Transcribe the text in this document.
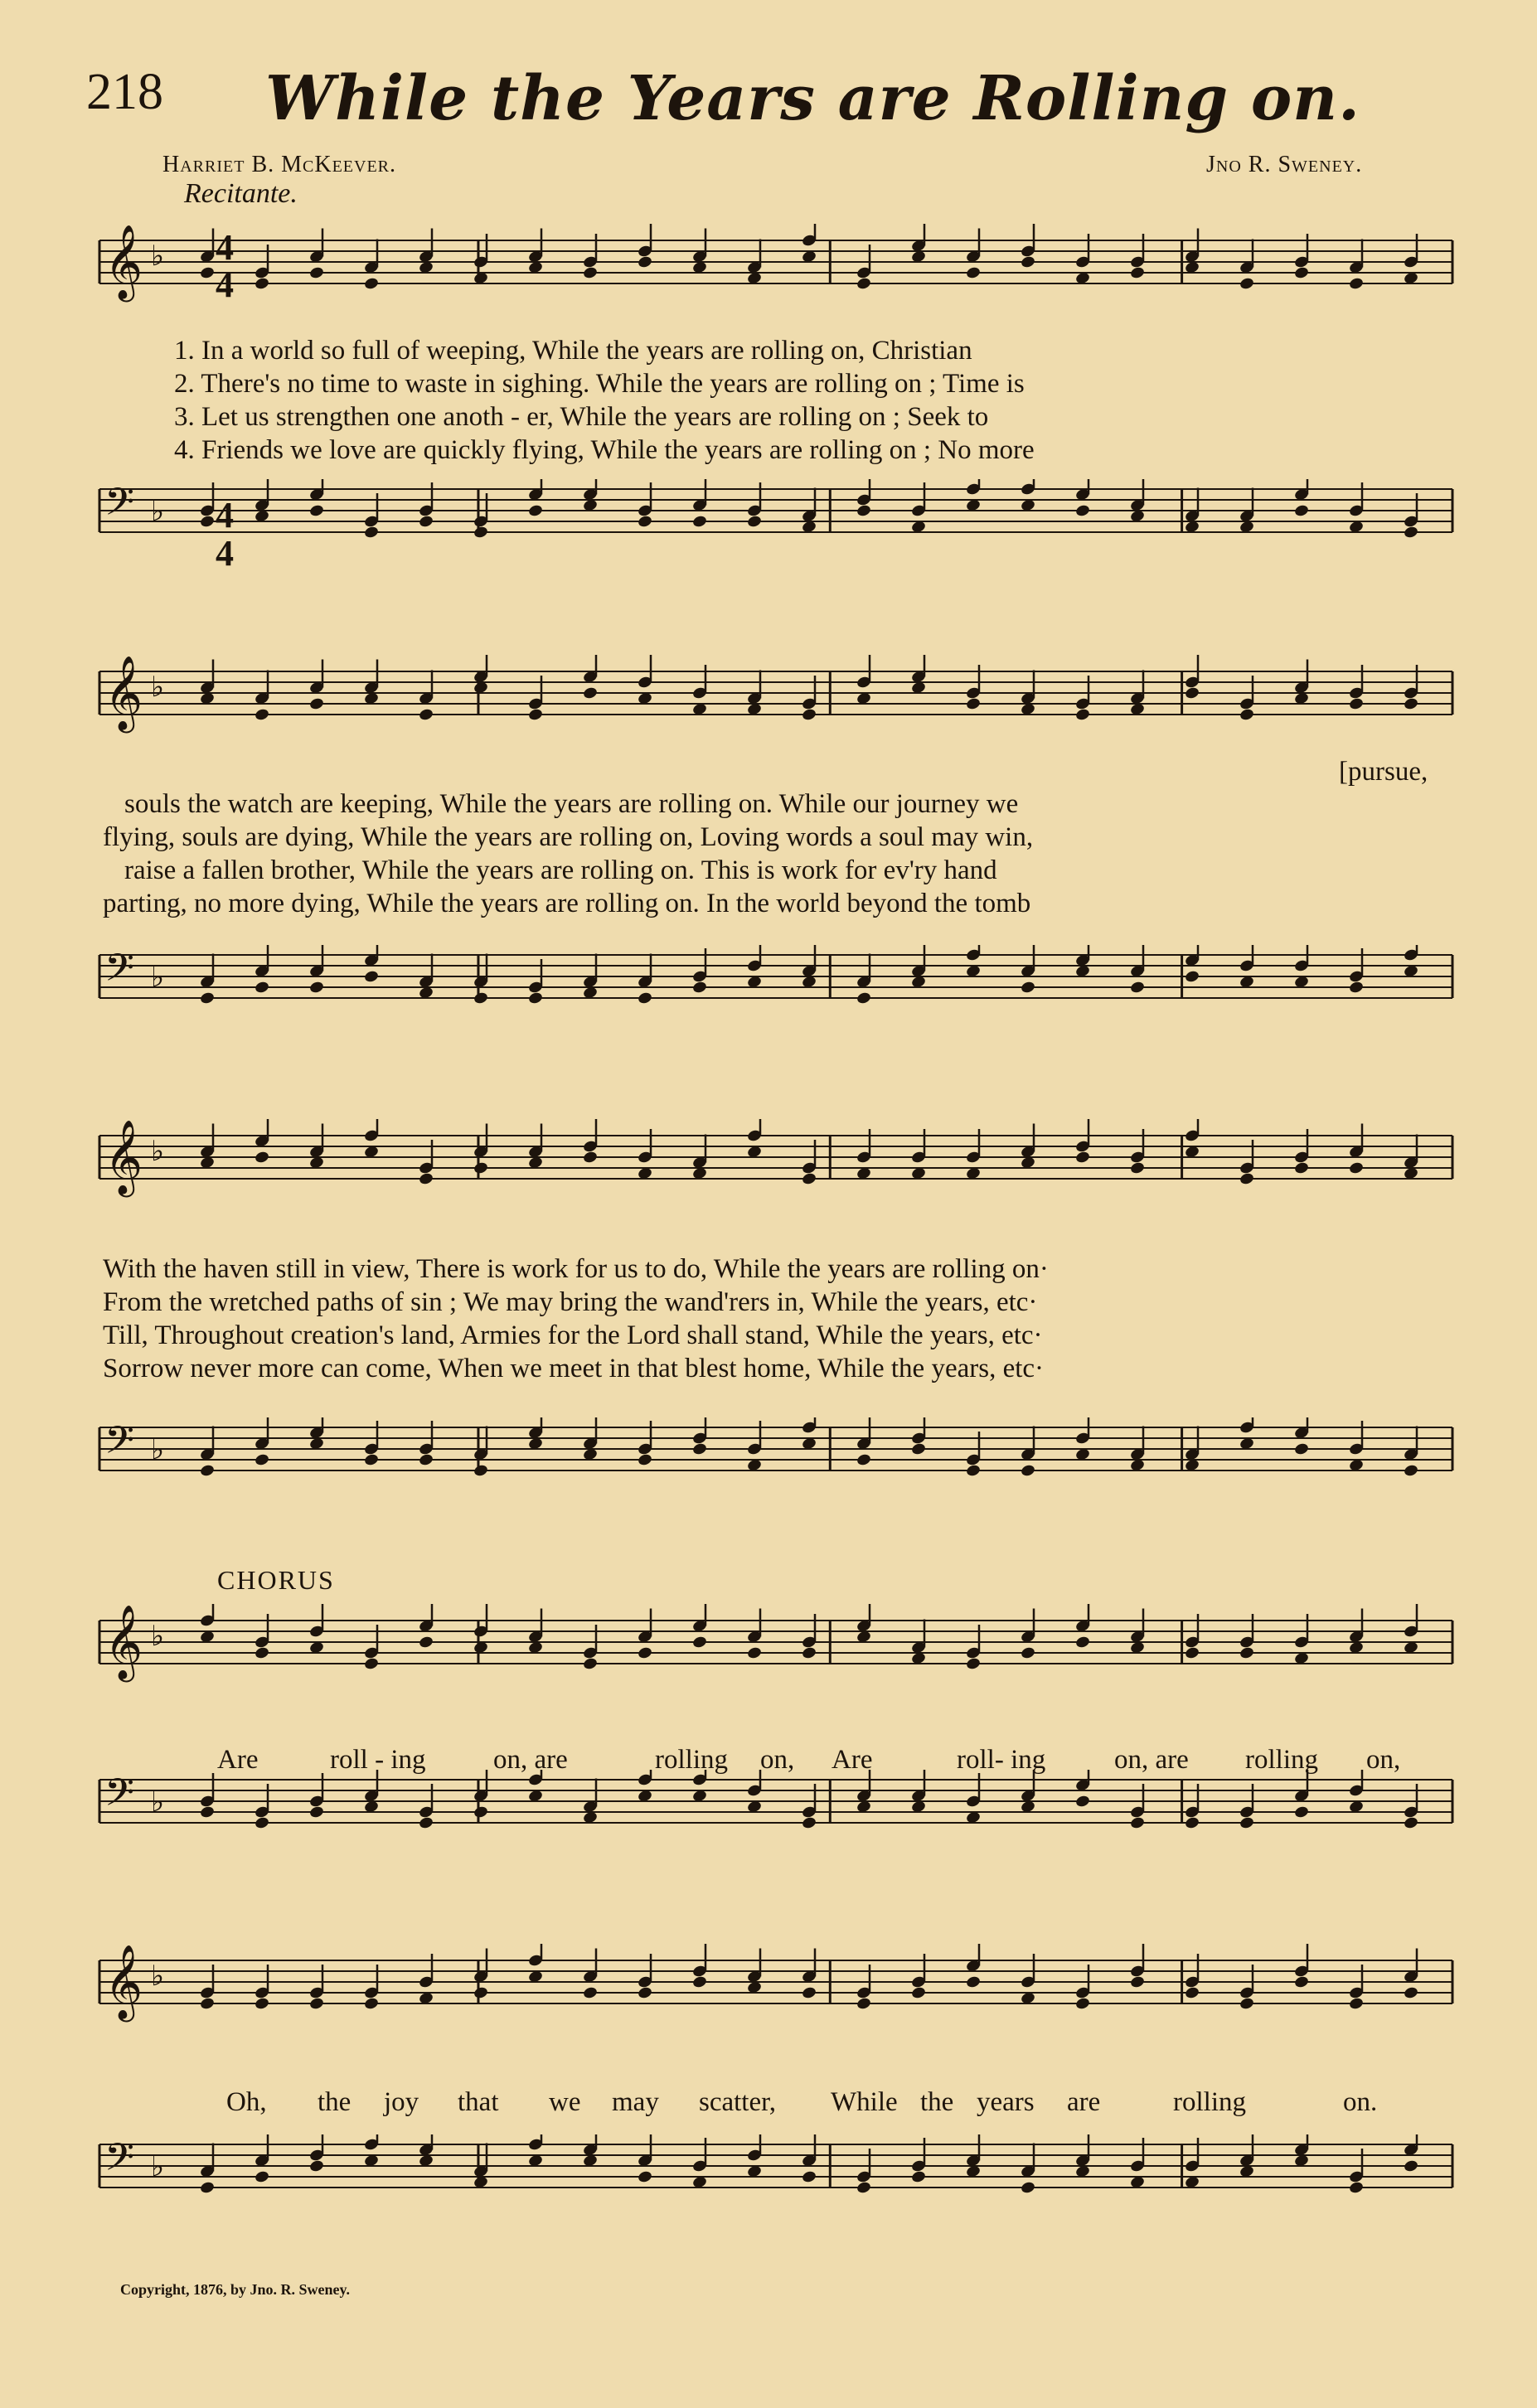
218 While the Years are Rolling on.
Harriet B. McKeever.	Jno R. Sweney.
Recitante.
𝄞 ♭
𝄢 ♭
1. In a world so full of weeping, While the years are rolling on, Christian
2. There's no time to waste in sighing. While the years are rolling on ; Time is
3. Let us strengthen one anoth - er, While the years are rolling on ; Seek to
4. Friends we love are quickly flying, While the years are rolling on ; No more
𝄞 ♭
𝄢 ♭
[pursue,
souls the watch are keeping, While the years are rolling on. While our journey we
flying, souls are dying, While the years are rolling on, Loving words a soul may win,
raise a fallen brother, While the years are rolling on. This is work for ev'ry hand
parting, no more dying, While the years are rolling on. In the world beyond the tomb
𝄞 ♭
𝄢 ♭
With the haven still in view, There is work for us to do, While the years are rolling on·
From the wretched paths of sin ; We may bring the wand'rers in, While the years, etc·
Till, Throughout creation's land, Armies for the Lord shall stand, While the years, etc·
Sorrow never more can come, When we meet in that blest home, While the years, etc·
CHORUS
𝄞 ♭
𝄢 ♭
Are	roll - ing on, are	rolling on, Are	roll- ing	on, are rolling on,
𝄞 ♭
𝄢 ♭
Oh, the joy that we may scatter, While the years are	rolling	on.
Copyright, 1876, by Jno. R. Sweney.
4
4
4
4
